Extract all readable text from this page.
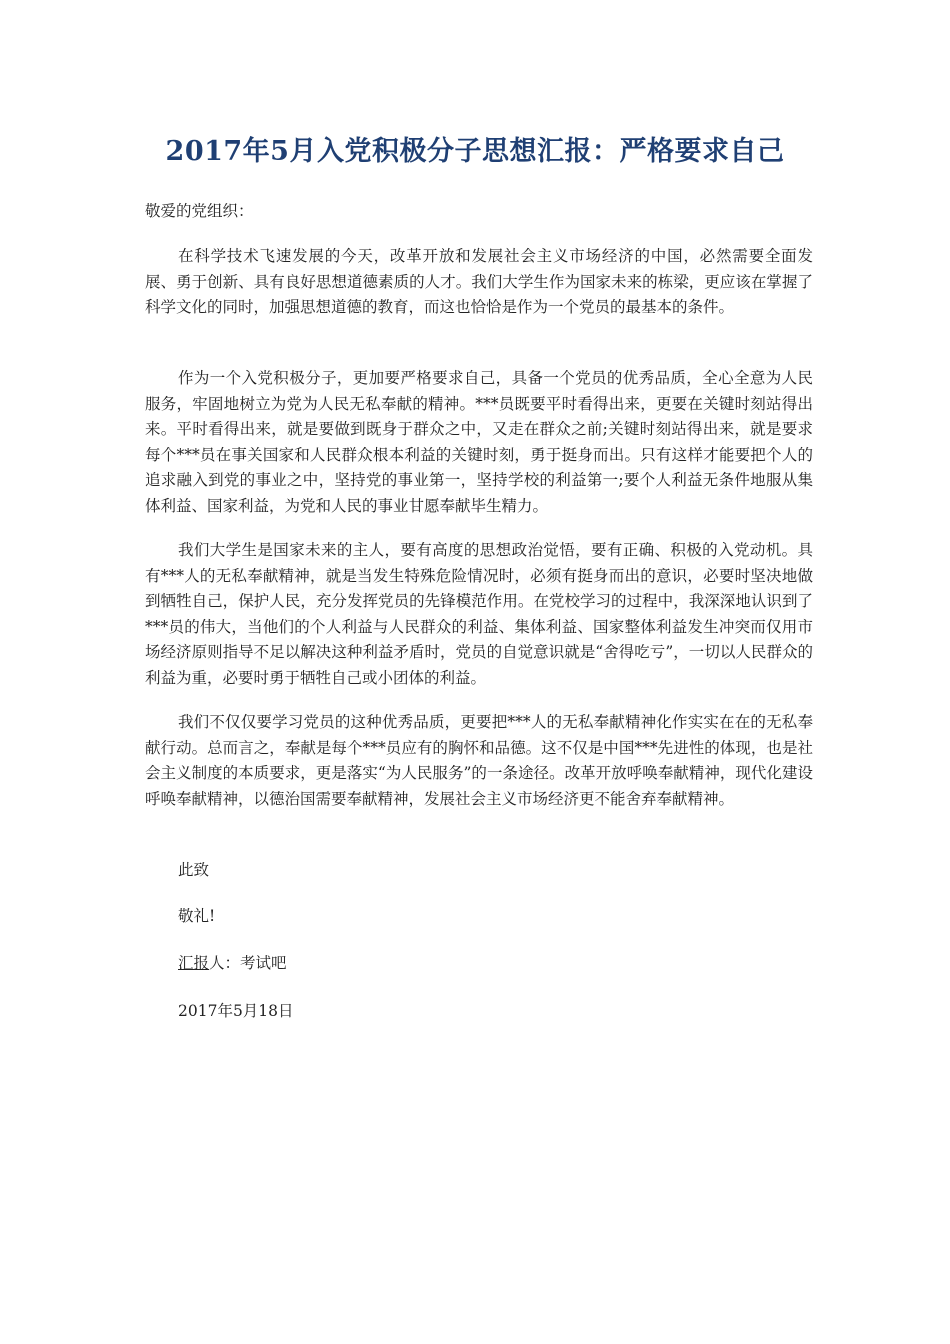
2017年5月入党积极分子思想汇报：严格要求自己

敬爱的党组织：

在科学技术飞速发展的今天，改革开放和发展社会主义市场经济的中国，必然需要全面发展、勇于创新、具有良好思想道德素质的人才。我们大学生作为国家未来的栋梁，更应该在掌握了科学文化的同时，加强思想道德的教育，而这也恰恰是作为一个党员的最基本的条件。

作为一个入党积极分子，更加要严格要求自己，具备一个党员的优秀品质，全心全意为人民服务，牢固地树立为党为人民无私奉献的精神。***员既要平时看得出来，更要在关键时刻站得出来。平时看得出来，就是要做到既身于群众之中，又走在群众之前;关键时刻站得出来，就是要求每个***员在事关国家和人民群众根本利益的关键时刻，勇于挺身而出。只有这样才能要把个人的追求融入到党的事业之中，坚持党的事业第一，坚持学校的利益第一;要个人利益无条件地服从集体利益、国家利益，为党和人民的事业甘愿奉献毕生精力。

我们大学生是国家未来的主人，要有高度的思想政治觉悟，要有正确、积极的入党动机。具有***人的无私奉献精神，就是当发生特殊危险情况时，必须有挺身而出的意识，必要时坚决地做到牺牲自己，保护人民，充分发挥党员的先锋模范作用。在党校学习的过程中，我深深地认识到了***员的伟大，当他们的个人利益与人民群众的利益、集体利益、国家整体利益发生冲突而仅用市场经济原则指导不足以解决这种利益矛盾时，党员的自觉意识就是“舍得吃亏”，一切以人民群众的利益为重，必要时勇于牺牲自己或小团体的利益。

我们不仅仅要学习党员的这种优秀品质，更要把***人的无私奉献精神化作实实在在的无私奉献行动。总而言之，奉献是每个***员应有的胸怀和品德。这不仅是中国***先进性的体现，也是社会主义制度的本质要求，更是落实“为人民服务”的一条途径。改革开放呼唤奉献精神，现代化建设呼唤奉献精神，以德治国需要奉献精神，发展社会主义市场经济更不能舍弃奉献精神。

此致

敬礼!

汇报人：考试吧

2017年5月18日
